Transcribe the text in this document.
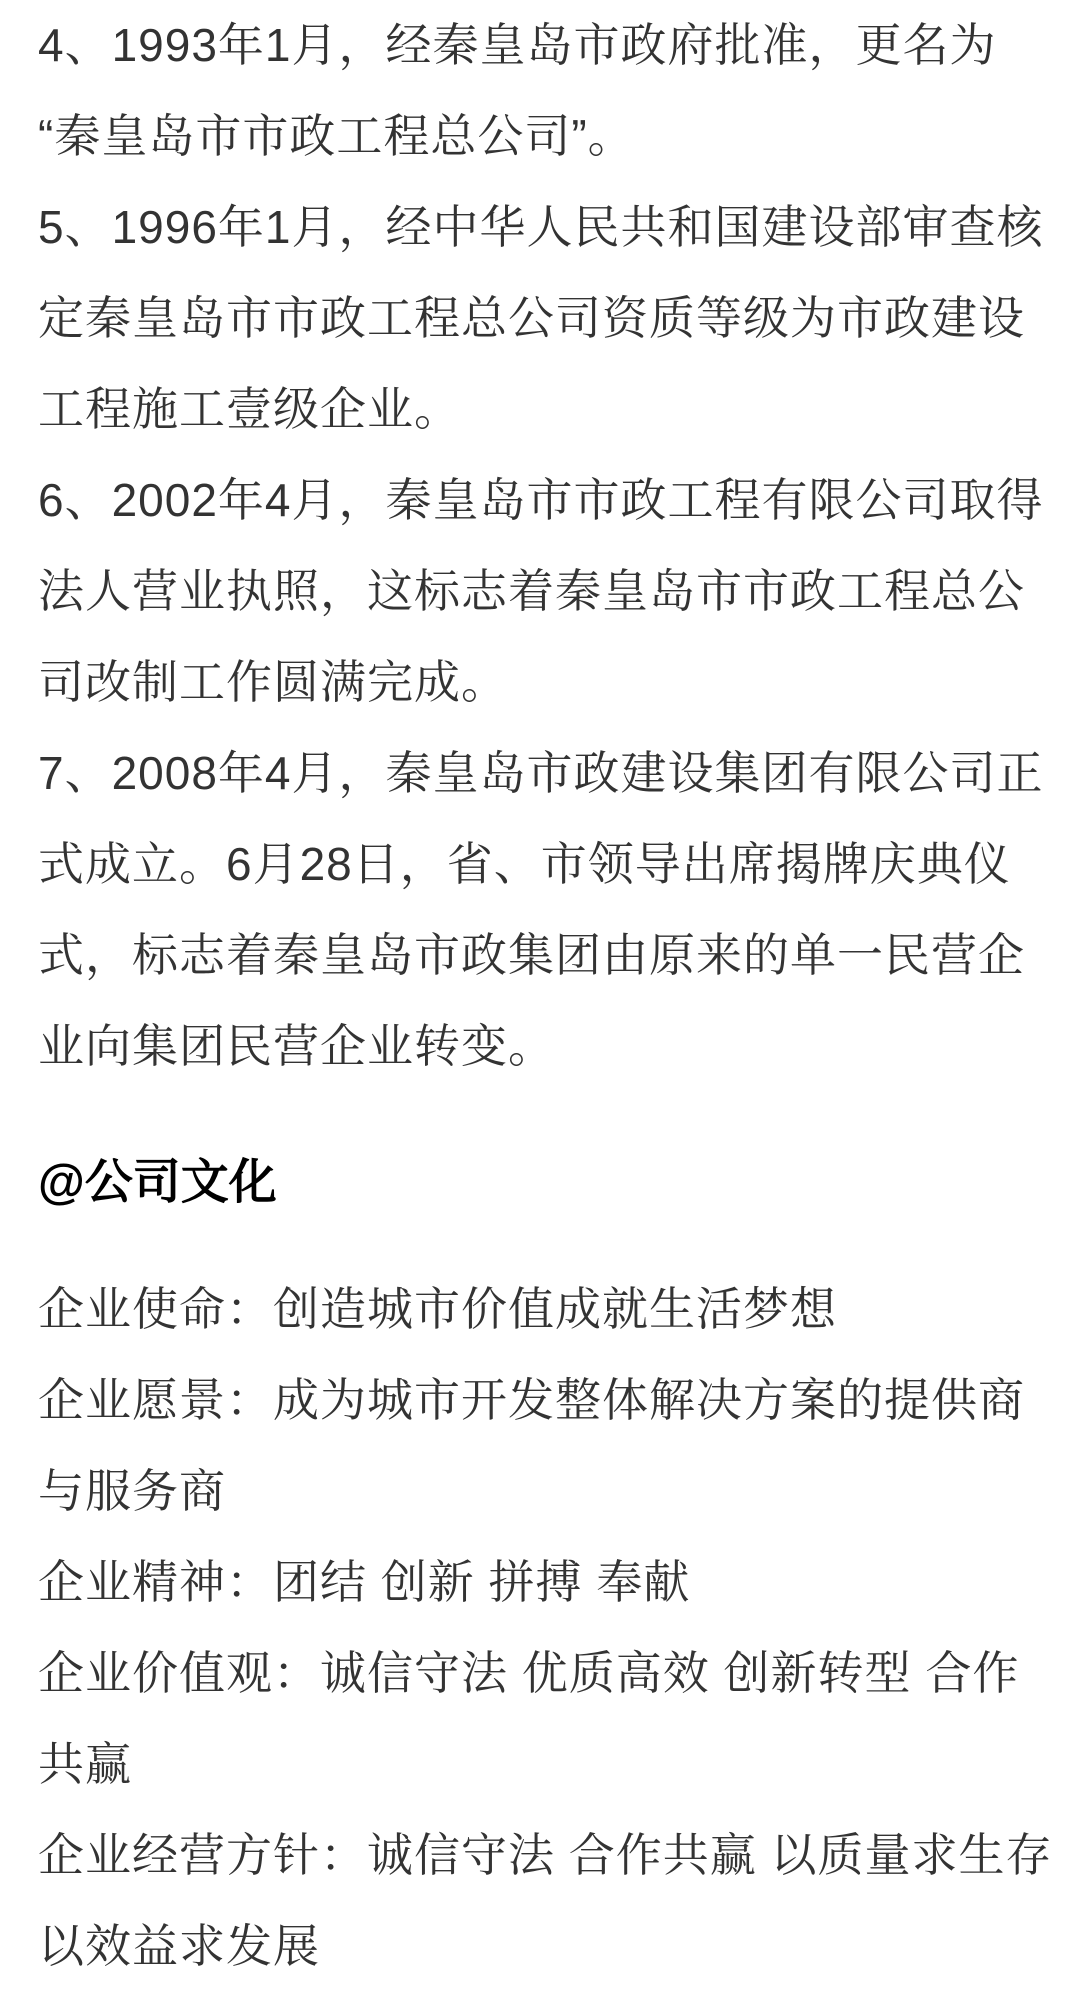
4、1993年1月，经秦皇岛市政府批准，更名为
“秦皇岛市市政工程总公司”。
5、1996年1月，经中华人民共和国建设部审查核
定秦皇岛市市政工程总公司资质等级为市政建设
工程施工壹级企业。
6、2002年4月，秦皇岛市市政工程有限公司取得
法人营业执照，这标志着秦皇岛市市政工程总公
司改制工作圆满完成。
7、2008年4月，秦皇岛市政建设集团有限公司正
式成立。6月28日，省、市领导出席揭牌庆典仪
式，标志着秦皇岛市政集团由原来的单一民营企
业向集团民营企业转变。
@公司文化
企业使命：创造城市价值成就生活梦想
企业愿景：成为城市开发整体解决方案的提供商
与服务商
企业精神：团结 创新 拼搏 奉献
企业价值观：诚信守法 优质高效 创新转型 合作
共赢
企业经营方针：诚信守法 合作共赢 以质量求生存
以效益求发展
